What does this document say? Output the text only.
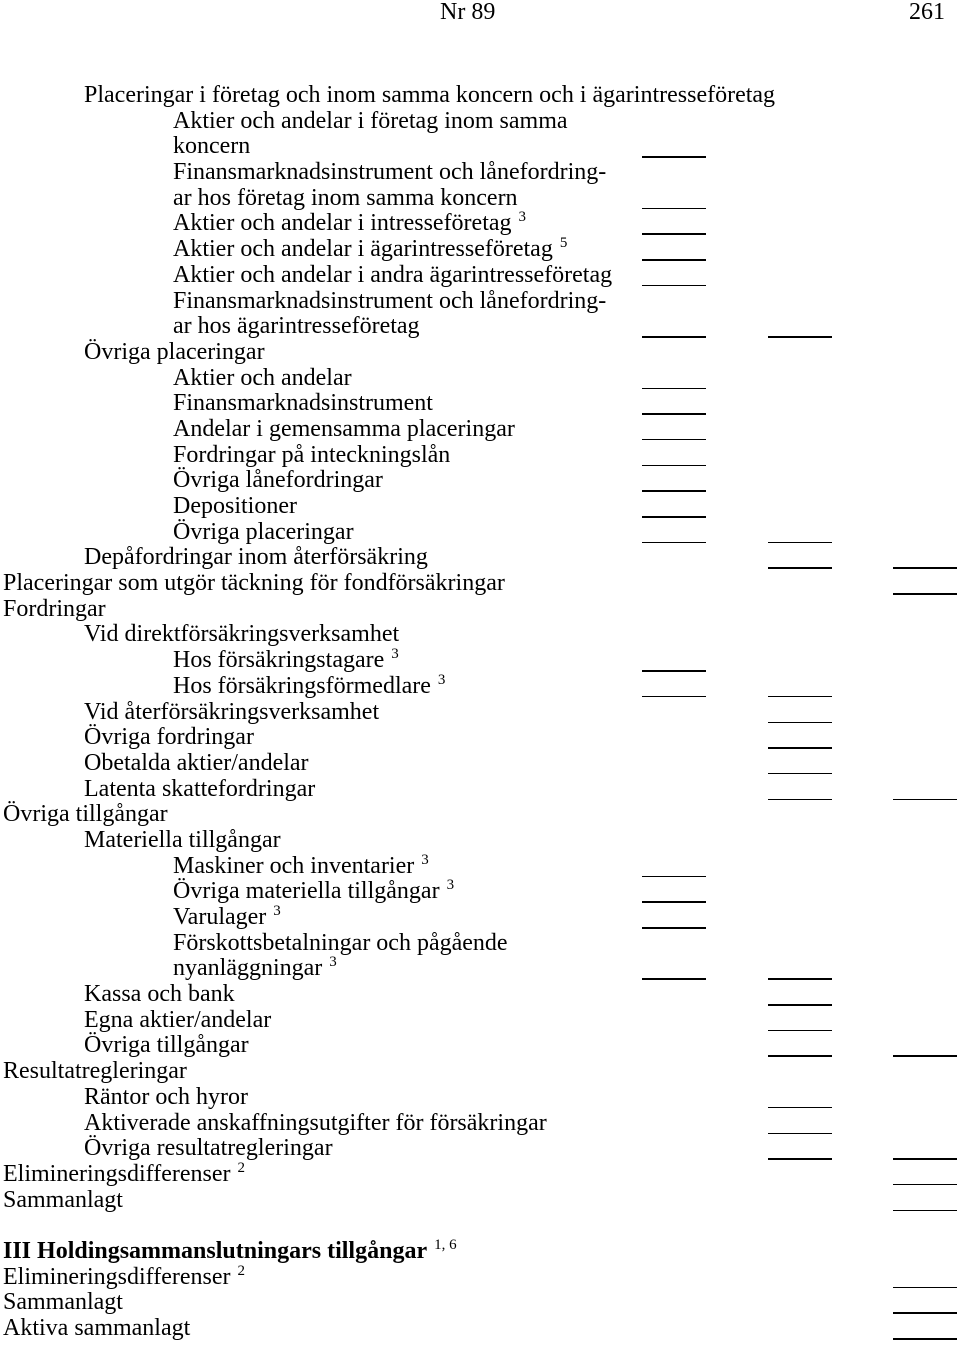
Nr 89	261
Placeringar i företag och inom samma koncern och i ägarintresseföretag
Aktier och andelar i företag inom samma
koncern
Finansmarknadsinstrument och lånefordring-
ar hos företag inom samma koncern
Aktier och andelar i intresseföretag $^3$
Aktier och andelar i ägarintresseföretag $^5$
Aktier och andelar i andra ägarintresseföretag
Finansmarknadsinstrument och lånefordring-
ar hos ägarintresseföretag
Övriga placeringar
Aktier och andelar
Finansmarknadsinstrument
Andelar i gemensamma placeringar
Fordringar på inteckningslån
Övriga lånefordringar
Depositioner
Övriga placeringar
Depåfordringar inom återförsäkring
Placeringar som utgör täckning för fondförsäkringar
Fordringar
Vid direktförsäkringsverksamhet
Hos försäkringstagare $^3$
Hos försäkringsförmedlare $^3$
Vid återförsäkringsverksamhet
Övriga fordringar
Obetalda aktier/andelar
Latenta skattefordringar
Övriga tillgångar
Materiella tillgångar
Maskiner och inventarier $^3$
Övriga materiella tillgångar $^3$
Varulager $^3$
Förskottsbetalningar och pågående
nyanläggningar $^3$
Kassa och bank
Egna aktier/andelar
Övriga tillgångar
Resultatregleringar
Räntor och hyror
Aktiverade anskaffningsutgifter för försäkringar
Övriga resultatregleringar
Elimineringsdifferenser $^2$
Sammanlagt
III Holdingsammanslutningars tillgångar $^{1, 6}$
Elimineringsdifferenser $^2$
Sammanlagt
Aktiva sammanlagt
